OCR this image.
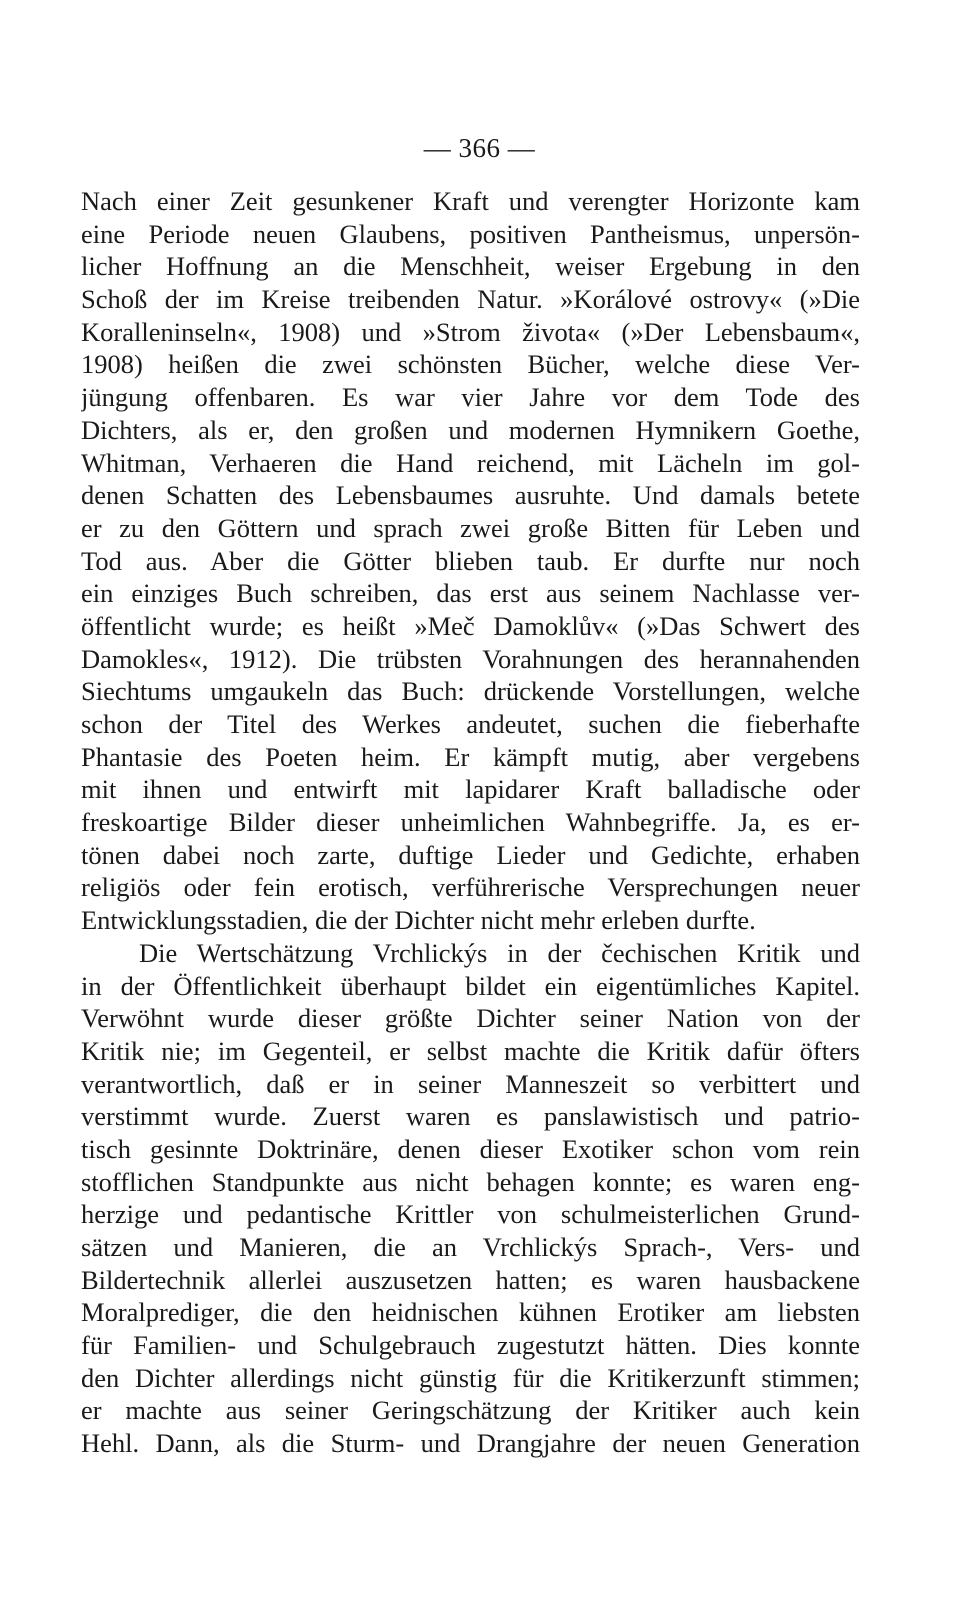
— 366 —
Nach einer Zeit gesunkener Kraft und verengter Horizonte kam
eine Periode neuen Glaubens, positiven Pantheismus, unpersön-
licher Hoffnung an die Menschheit, weiser Ergebung in den
Schoß der im Kreise treibenden Natur. »Korálové ostrovy« (»Die
Koralleninseln«, 1908) und »Strom života« (»Der Lebensbaum«,
1908) heißen die zwei schönsten Bücher, welche diese Ver-
jüngung offenbaren. Es war vier Jahre vor dem Tode des
Dichters, als er, den großen und modernen Hymnikern Goethe,
Whitman, Verhaeren die Hand reichend, mit Lächeln im gol-
denen Schatten des Lebensbaumes ausruhte. Und damals betete
er zu den Göttern und sprach zwei große Bitten für Leben und
Tod aus. Aber die Götter blieben taub. Er durfte nur noch
ein einziges Buch schreiben, das erst aus seinem Nachlasse ver-
öffentlicht wurde; es heißt »Meč Damoklův« (»Das Schwert des
Damokles«, 1912). Die trübsten Vorahnungen des herannahenden
Siechtums umgaukeln das Buch: drückende Vorstellungen, welche
schon der Titel des Werkes andeutet, suchen die fieberhafte
Phantasie des Poeten heim. Er kämpft mutig, aber vergebens
mit ihnen und entwirft mit lapidarer Kraft balladische oder
freskoartige Bilder dieser unheimlichen Wahnbegriffe. Ja, es er-
tönen dabei noch zarte, duftige Lieder und Gedichte, erhaben
religiös oder fein erotisch, verführerische Versprechungen neuer
Entwicklungsstadien, die der Dichter nicht mehr erleben durfte.
Die Wertschätzung Vrchlickýs in der čechischen Kritik und
in der Öffentlichkeit überhaupt bildet ein eigentümliches Kapitel.
Verwöhnt wurde dieser größte Dichter seiner Nation von der
Kritik nie; im Gegenteil, er selbst machte die Kritik dafür öfters
verantwortlich, daß er in seiner Manneszeit so verbittert und
verstimmt wurde. Zuerst waren es panslawistisch und patrio-
tisch gesinnte Doktrinäre, denen dieser Exotiker schon vom rein
stofflichen Standpunkte aus nicht behagen konnte; es waren eng-
herzige und pedantische Krittler von schulmeisterlichen Grund-
sätzen und Manieren, die an Vrchlickýs Sprach-, Vers- und
Bildertechnik allerlei auszusetzen hatten; es waren hausbackene
Moralprediger, die den heidnischen kühnen Erotiker am liebsten
für Familien- und Schulgebrauch zugestutzt hätten. Dies konnte
den Dichter allerdings nicht günstig für die Kritikerzunft stimmen;
er machte aus seiner Geringschätzung der Kritiker auch kein
Hehl. Dann, als die Sturm- und Drangjahre der neuen Generation
